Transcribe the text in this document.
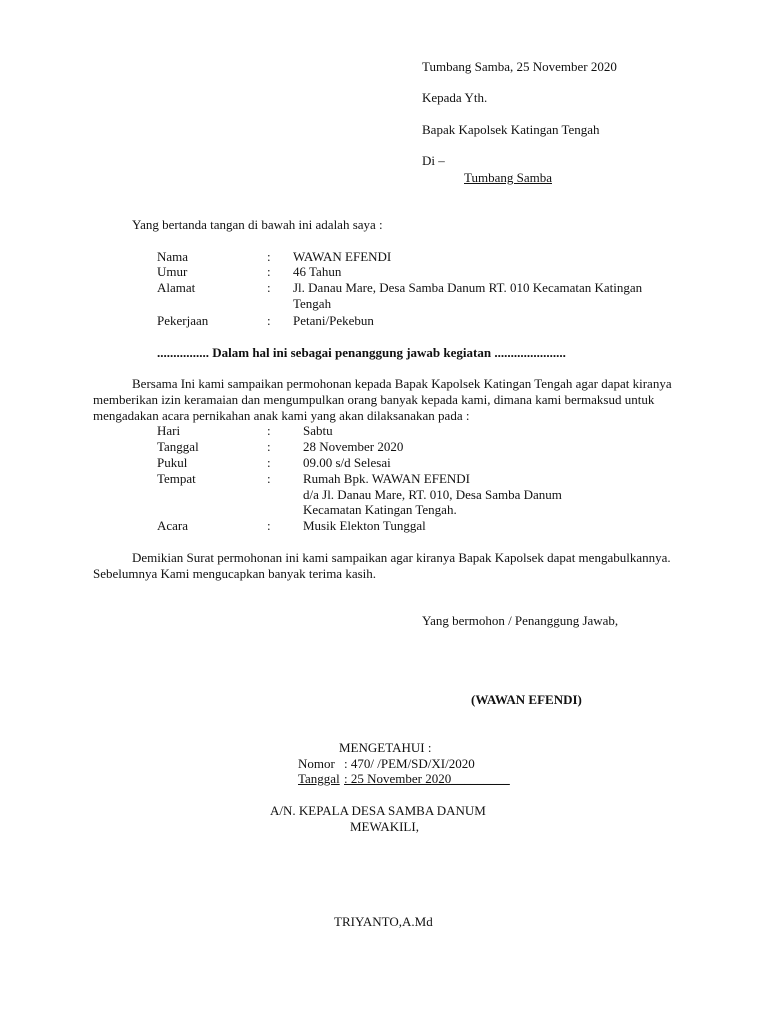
Tumbang Samba, 25 November 2020
Kepada Yth.
Bapak Kapolsek Katingan Tengah
Di –
Tumbang Samba
Yang bertanda tangan di bawah ini adalah saya :
Nama	: WAWAN EFENDI
Umur	: 46 Tahun
Alamat	: Jl. Danau Mare, Desa Samba Danum RT. 010 Kecamatan Katingan
Tengah
Pekerjaan	: Petani/Pekebun
................ Dalam hal ini sebagai penanggung jawab kegiatan ......................
Bersama Ini kami sampaikan permohonan kepada Bapak Kapolsek Katingan Tengah agar dapat kiranya memberikan izin keramaian dan mengumpulkan orang banyak kepada kami, dimana kami bermaksud untuk mengadakan acara pernikahan anak kami yang akan dilaksanakan pada :
Hari	: Sabtu
Tanggal	: 28 November 2020
Pukul	: 09.00 s/d Selesai
Tempat	: Rumah Bpk. WAWAN EFENDI
d/a Jl. Danau Mare, RT. 010, Desa Samba Danum
Kecamatan Katingan Tengah.
Acara	: Musik Elekton Tunggal
Demikian Surat permohonan ini kami sampaikan agar kiranya Bapak Kapolsek dapat mengabulkannya. Sebelumnya Kami mengucapkan banyak terima kasih.
Yang bermohon / Penanggung Jawab,
(WAWAN EFENDI)
MENGETAHUI :
Nomor : 470/ /PEM/SD/XI/2020
Tanggal : 25 November 2020_________
A/N. KEPALA DESA SAMBA DANUM
MEWAKILI,
TRIYANTO,A.Md
